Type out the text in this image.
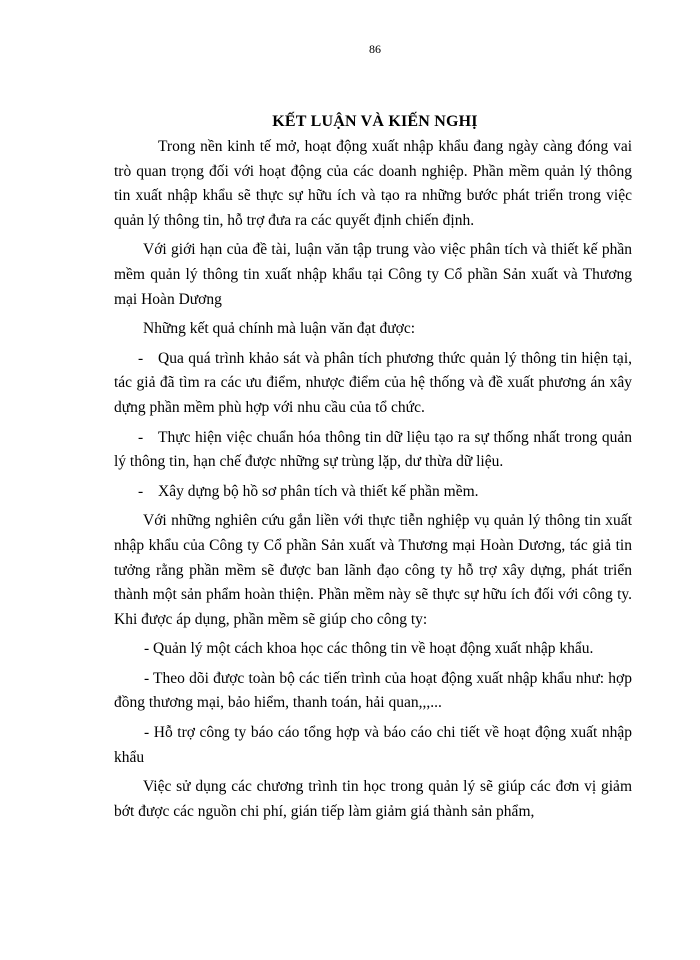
86
KẾT LUẬN VÀ KIẾN NGHỊ

Trong nền kinh tế mở, hoạt động xuất nhập khẩu đang ngày càng đóng vai trò quan trọng đối với hoạt động của các doanh nghiệp. Phần mềm quản lý thông tin xuất nhập khẩu sẽ thực sự hữu ích và tạo ra những bước phát triển trong việc quản lý thông tin, hỗ trợ đưa ra các quyết định chiến định.

Với giới hạn của đề tài, luận văn tập trung vào việc phân tích và thiết kế phần mềm quản lý thông tin xuất nhập khẩu tại Công ty Cổ phần Sản xuất và Thương mại Hoàn Dương

Những kết quả chính mà luận văn đạt được:

- Qua quá trình khảo sát và phân tích phương thức quản lý thông tin hiện tại, tác giả đã tìm ra các ưu điểm, nhược điểm của hệ thống và đề xuất phương án xây dựng phần mềm phù hợp với nhu cầu của tổ chức.
- Thực hiện việc chuẩn hóa thông tin dữ liệu tạo ra sự thống nhất trong quản lý thông tin, hạn chế được những sự trùng lặp, dư thừa dữ liệu.
- Xây dựng bộ hồ sơ phân tích và thiết kế phần mềm.

Với những nghiên cứu gắn liền với thực tiễn nghiệp vụ quản lý thông tin xuất nhập khẩu của Công ty Cổ phần Sản xuất và Thương mại Hoàn Dương, tác giả tin tưởng rằng phần mềm sẽ được ban lãnh đạo công ty hỗ trợ xây dựng, phát triển thành một sản phẩm hoàn thiện. Phần mềm này sẽ thực sự hữu ích đối với công ty. Khi được áp dụng, phần mềm sẽ giúp cho công ty:

- Quản lý một cách khoa học các thông tin về hoạt động xuất nhập khẩu.
- Theo dõi được toàn bộ các tiến trình của hoạt động xuất nhập khẩu như: hợp đồng thương mại, bảo hiểm, thanh toán, hải quan,,,...
- Hỗ trợ công ty báo cáo tổng hợp và báo cáo chi tiết về hoạt động xuất nhập khẩu

Việc sử dụng các chương trình tin học trong quản lý sẽ giúp các đơn vị giảm bớt được các nguồn chi phí, gián tiếp làm giảm giá thành sản phẩm,
